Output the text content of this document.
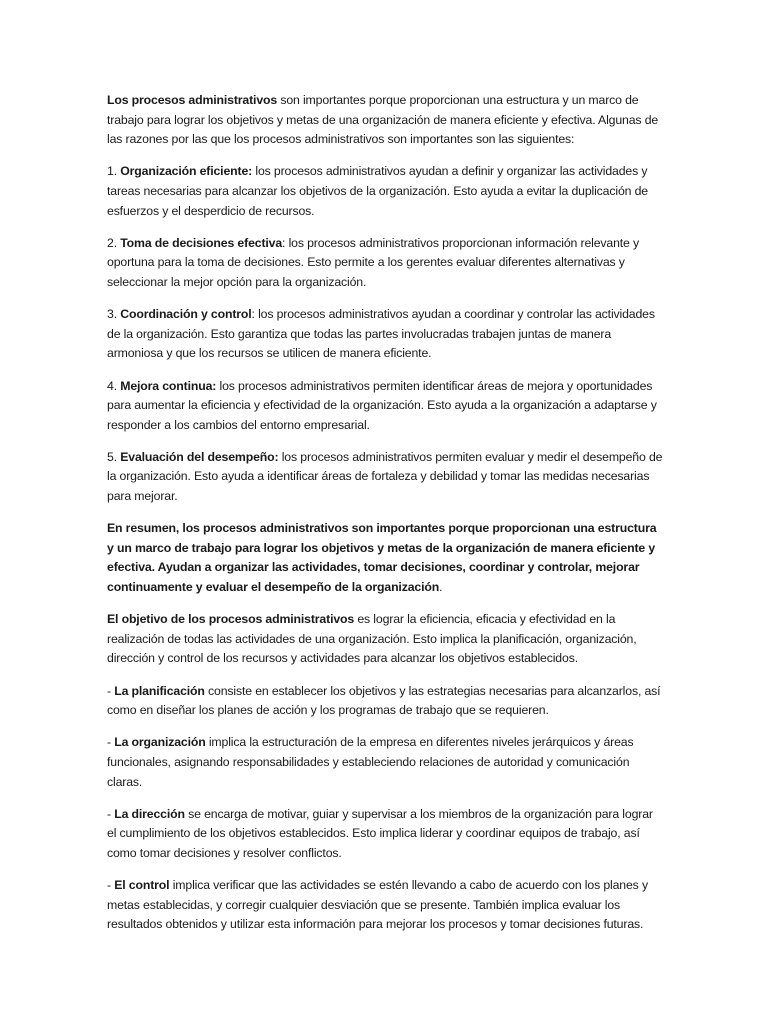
Los procesos administrativos son importantes porque proporcionan una estructura y un marco de trabajo para lograr los objetivos y metas de una organización de manera eficiente y efectiva. Algunas de las razones por las que los procesos administrativos son importantes son las siguientes:

1. Organización eficiente: los procesos administrativos ayudan a definir y organizar las actividades y tareas necesarias para alcanzar los objetivos de la organización. Esto ayuda a evitar la duplicación de esfuerzos y el desperdicio de recursos.

2. Toma de decisiones efectiva: los procesos administrativos proporcionan información relevante y oportuna para la toma de decisiones. Esto permite a los gerentes evaluar diferentes alternativas y seleccionar la mejor opción para la organización.

3. Coordinación y control: los procesos administrativos ayudan a coordinar y controlar las actividades de la organización. Esto garantiza que todas las partes involucradas trabajen juntas de manera armoniosa y que los recursos se utilicen de manera eficiente.

4. Mejora continua: los procesos administrativos permiten identificar áreas de mejora y oportunidades para aumentar la eficiencia y efectividad de la organización. Esto ayuda a la organización a adaptarse y responder a los cambios del entorno empresarial.

5. Evaluación del desempeño: los procesos administrativos permiten evaluar y medir el desempeño de la organización. Esto ayuda a identificar áreas de fortaleza y debilidad y tomar las medidas necesarias para mejorar.

En resumen, los procesos administrativos son importantes porque proporcionan una estructura y un marco de trabajo para lograr los objetivos y metas de la organización de manera eficiente y efectiva. Ayudan a organizar las actividades, tomar decisiones, coordinar y controlar, mejorar continuamente y evaluar el desempeño de la organización.

El objetivo de los procesos administrativos es lograr la eficiencia, eficacia y efectividad en la realización de todas las actividades de una organización. Esto implica la planificación, organización, dirección y control de los recursos y actividades para alcanzar los objetivos establecidos.

- La planificación consiste en establecer los objetivos y las estrategias necesarias para alcanzarlos, así como en diseñar los planes de acción y los programas de trabajo que se requieren.

- La organización implica la estructuración de la empresa en diferentes niveles jerárquicos y áreas funcionales, asignando responsabilidades y estableciendo relaciones de autoridad y comunicación claras.

- La dirección se encarga de motivar, guiar y supervisar a los miembros de la organización para lograr el cumplimiento de los objetivos establecidos. Esto implica liderar y coordinar equipos de trabajo, así como tomar decisiones y resolver conflictos.

- El control implica verificar que las actividades se estén llevando a cabo de acuerdo con los planes y metas establecidas, y corregir cualquier desviación que se presente. También implica evaluar los resultados obtenidos y utilizar esta información para mejorar los procesos y tomar decisiones futuras.
